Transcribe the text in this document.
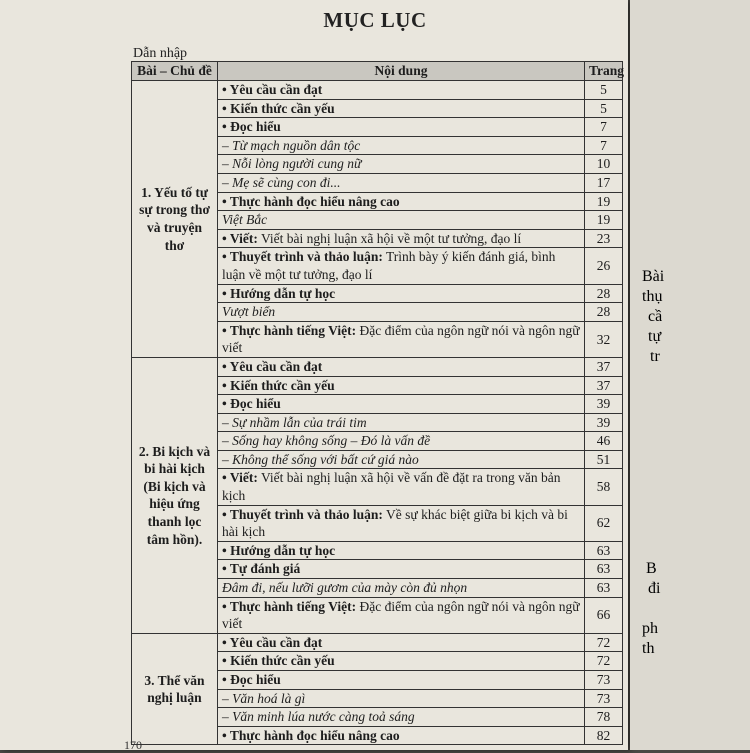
MỤC LỤC
Dẫn nhập
Bài – Chủ đề	Nội dung	Trang
1. Yếu tố tự sự trong thơ và truyện thơ	• Yêu cầu cần đạt	5
	• Kiến thức cần yếu	5
	• Đọc hiểu	7
	– Từ mạch nguồn dân tộc	7
	– Nỗi lòng người cung nữ	10
	– Mẹ sẽ cùng con đi...	17
	• Thực hành đọc hiểu nâng cao	19
	Việt Bắc	19
	• Viết: Viết bài nghị luận xã hội về một tư tưởng, đạo lí	23
	• Thuyết trình và thảo luận: Trình bày ý kiến đánh giá, bình luận về một tư tưởng, đạo lí	26
	• Hướng dẫn tự học	28
	Vượt biển	28
	• Thực hành tiếng Việt: Đặc điểm của ngôn ngữ nói và ngôn ngữ viết	32
2. Bi kịch và bi hài kịch (Bi kịch và hiệu ứng thanh lọc tâm hồn).	• Yêu cầu cần đạt	37
	• Kiến thức cần yếu	37
	• Đọc hiểu	39
	– Sự nhầm lẫn của trái tim	39
	– Sống hay không sống – Đó là vấn đề	46
	– Không thể sống với bất cứ giá nào	51
	• Viết: Viết bài nghị luận xã hội về vấn đề đặt ra trong văn bản kịch	58
	• Thuyết trình và thảo luận: Về sự khác biệt giữa bi kịch và bi hài kịch	62
	• Hướng dẫn tự học	63
	• Tự đánh giá	63
	Đâm đi, nếu lưỡi gươm của mày còn đủ nhọn	63
	• Thực hành tiếng Việt: Đặc điểm của ngôn ngữ nói và ngôn ngữ viết	66
3. Thể văn nghị luận	• Yêu cầu cần đạt	72
	• Kiến thức cần yếu	72
	• Đọc hiểu	73
	– Văn hoá là gì	73
	– Văn minh lúa nước càng toả sáng	78
	• Thực hành đọc hiểu nâng cao	82
170
Bài
thụ
cầ
tự
tr
B
đi
ph
th
